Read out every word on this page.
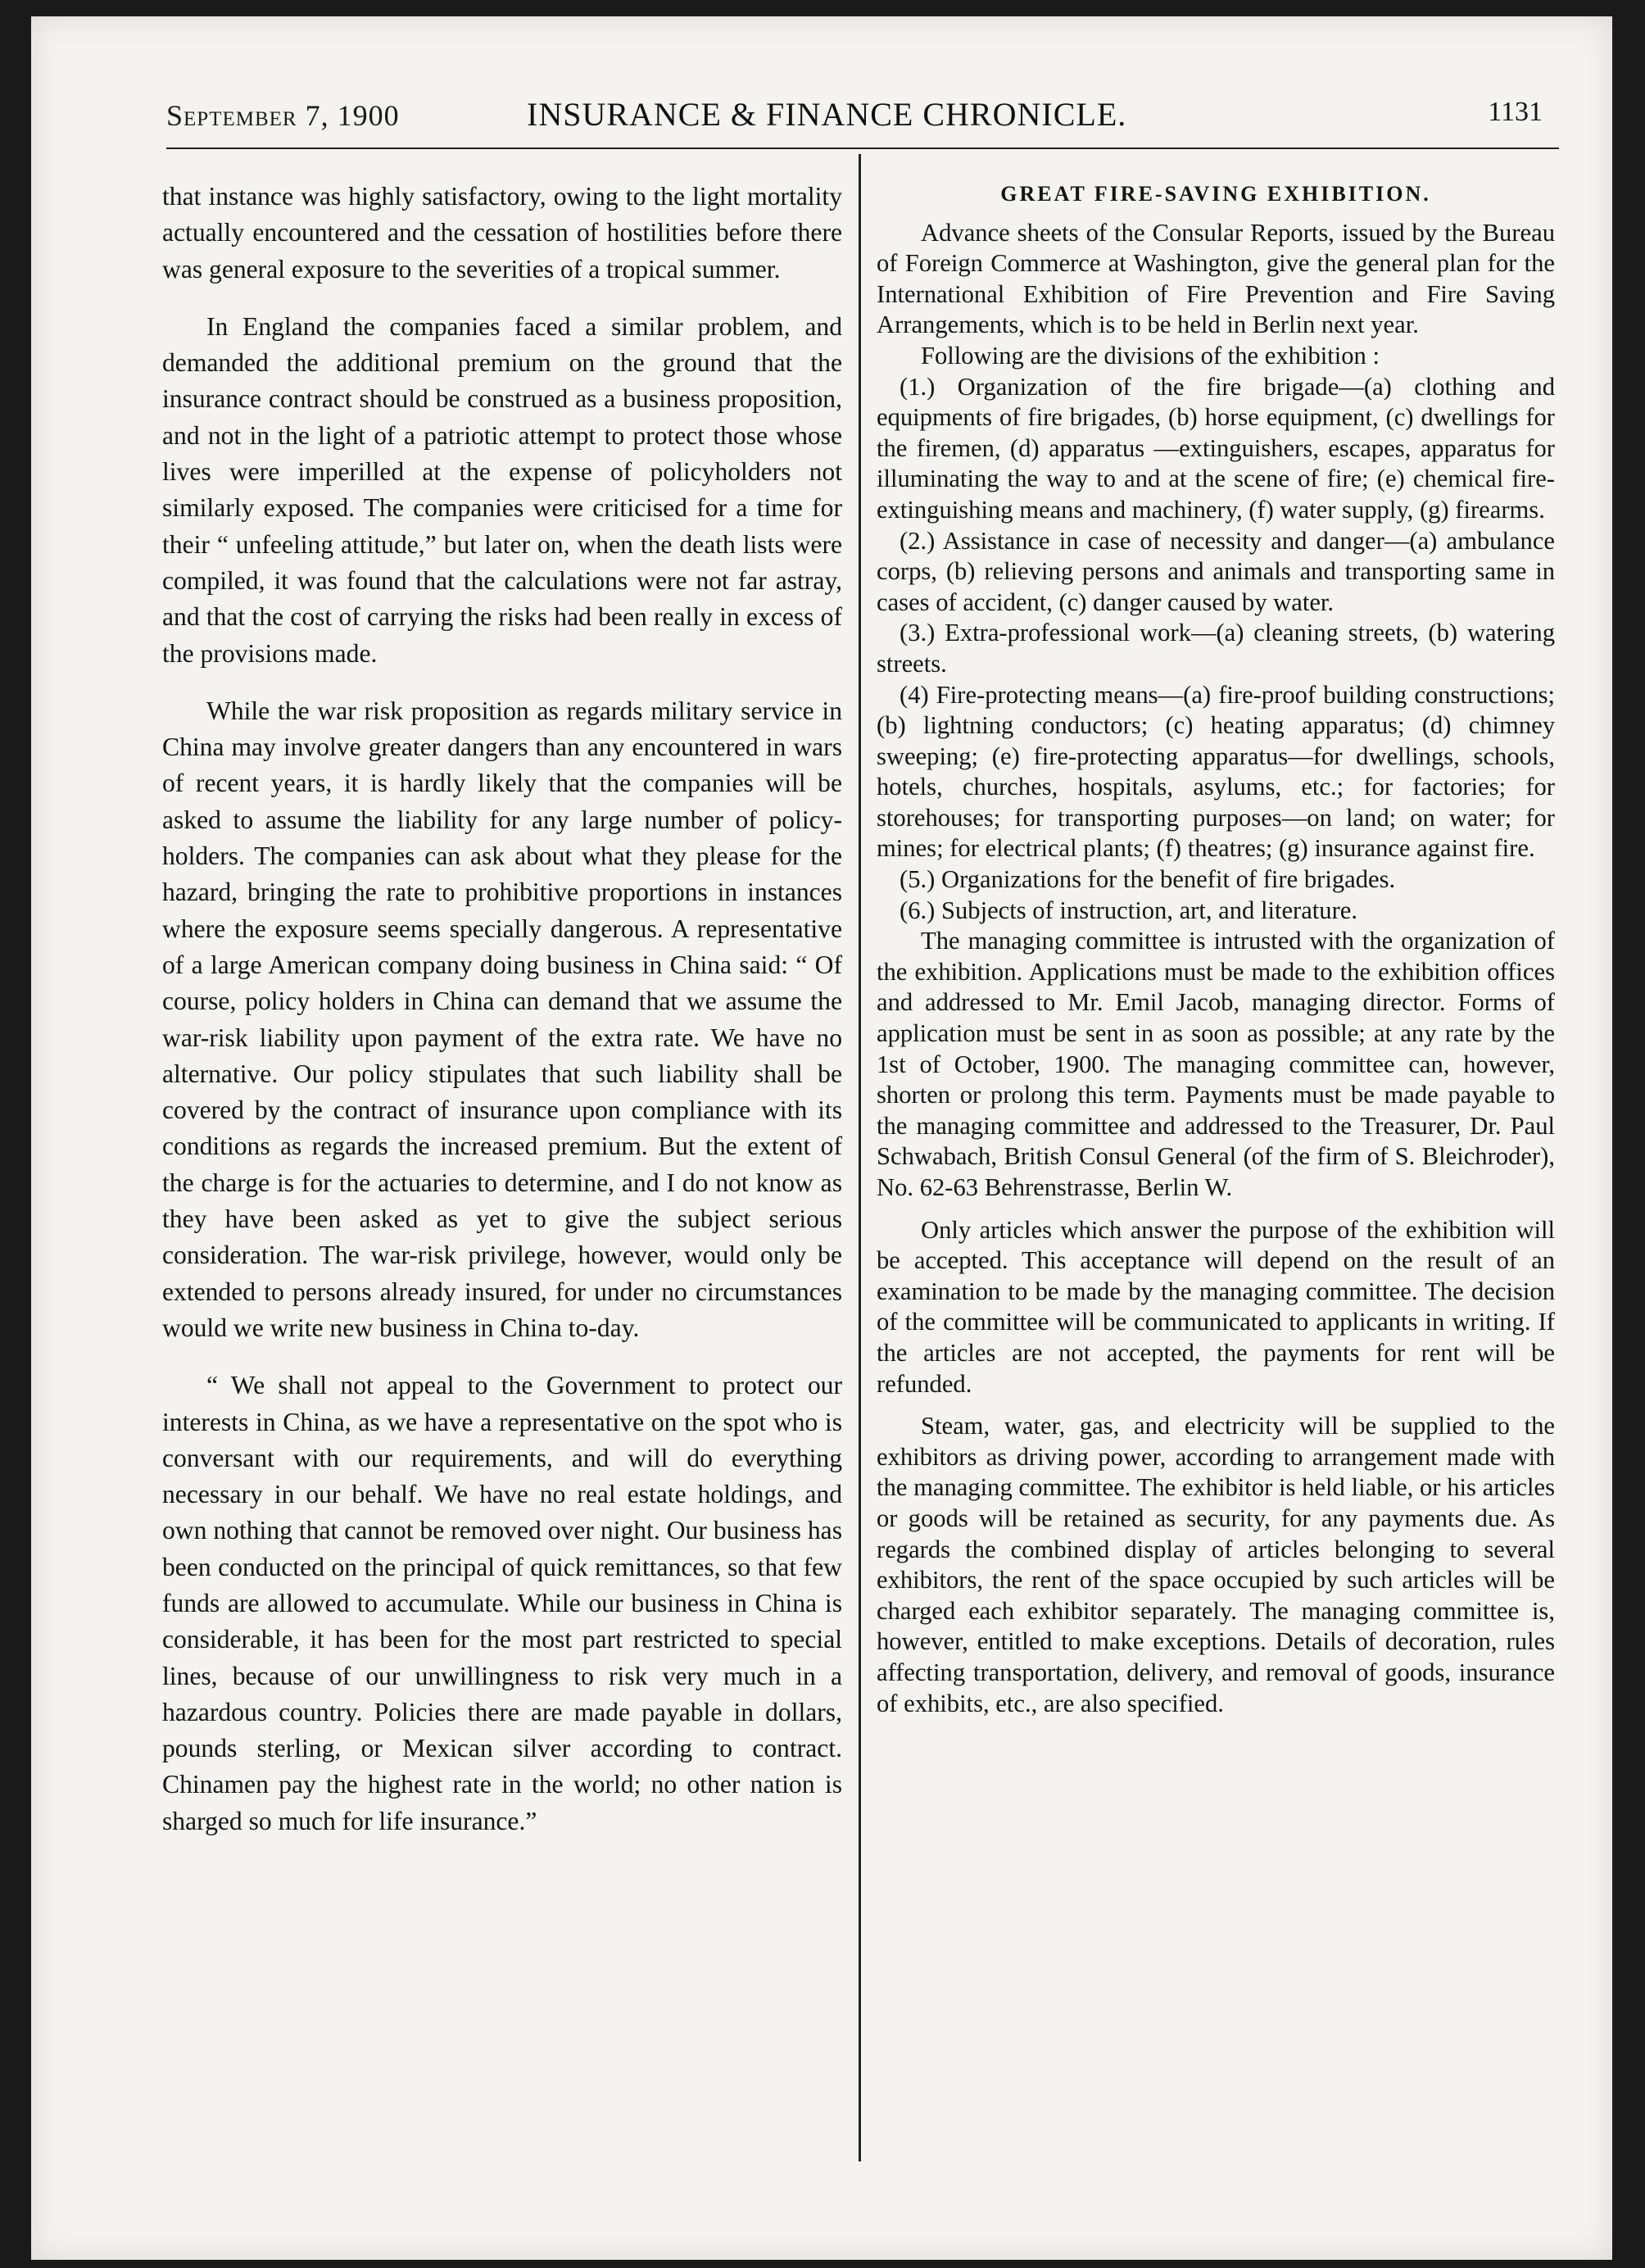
September 7, 1900	INSURANCE & FINANCE CHRONICLE.	1131

that instance was highly satisfactory, owing to the light mortality actually encountered and the cessation of hostilities before there was general exposure to the severities of a tropical summer.

In England the companies faced a similar problem, and demanded the additional premium on the ground that the insurance contract should be construed as a business proposition, and not in the light of a patriotic attempt to protect those whose lives were imperilled at the expense of policyholders not similarly exposed. The companies were criticised for a time for their “ unfeeling attitude,” but later on, when the death lists were compiled, it was found that the calculations were not far astray, and that the cost of carrying the risks had been really in excess of the provisions made.

While the war risk proposition as regards military service in China may involve greater dangers than any encountered in wars of recent years, it is hardly likely that the companies will be asked to assume the liability for any large number of policy-holders. The companies can ask about what they please for the hazard, bringing the rate to prohibitive proportions in instances where the exposure seems specially dangerous. A representative of a large American company doing business in China said: “ Of course, policy holders in China can demand that we assume the war-risk liability upon payment of the extra rate. We have no alternative. Our policy stipulates that such liability shall be covered by the contract of insurance upon compliance with its conditions as regards the increased premium. But the extent of the charge is for the actuaries to determine, and I do not know as they have been asked as yet to give the subject serious consideration. The war-risk privilege, however, would only be extended to persons already insured, for under no circumstances would we write new business in China to-day.

“ We shall not appeal to the Government to protect our interests in China, as we have a representative on the spot who is conversant with our requirements, and will do everything necessary in our behalf. We have no real estate holdings, and own nothing that cannot be removed over night. Our business has been conducted on the principal of quick remittances, so that few funds are allowed to accumulate. While our business in China is considerable, it has been for the most part restricted to special lines, because of our unwillingness to risk very much in a hazardous country. Policies there are made payable in dollars, pounds sterling, or Mexican silver according to contract. Chinamen pay the highest rate in the world; no other nation is sharged so much for life insurance.”

GREAT FIRE-SAVING EXHIBITION.

Advance sheets of the Consular Reports, issued by the Bureau of Foreign Commerce at Washington, give the general plan for the International Exhibition of Fire Prevention and Fire Saving Arrangements, which is to be held in Berlin next year.

Following are the divisions of the exhibition :

(1.) Organization of the fire brigade—(a) clothing and equipments of fire brigades, (b) horse equipment, (c) dwellings for the firemen, (d) apparatus —extinguishers, escapes, apparatus for illuminating the way to and at the scene of fire; (e) chemical fire-extinguishing means and machinery, (f) water supply, (g) firearms.

(2.) Assistance in case of necessity and danger—(a) ambulance corps, (b) relieving persons and animals and transporting same in cases of accident, (c) danger caused by water.

(3.) Extra-professional work—(a) cleaning streets, (b) watering streets.

(4) Fire-protecting means—(a) fire-proof building constructions; (b) lightning conductors; (c) heating apparatus; (d) chimney sweeping; (e) fire-protecting apparatus—for dwellings, schools, hotels, churches, hospitals, asylums, etc.; for factories; for storehouses; for transporting purposes—on land; on water; for mines; for electrical plants; (f) theatres; (g) insurance against fire.

(5.) Organizations for the benefit of fire brigades.

(6.) Subjects of instruction, art, and literature.

The managing committee is intrusted with the organization of the exhibition. Applications must be made to the exhibition offices and addressed to Mr. Emil Jacob, managing director. Forms of application must be sent in as soon as possible; at any rate by the 1st of October, 1900. The managing committee can, however, shorten or prolong this term. Payments must be made payable to the managing committee and addressed to the Treasurer, Dr. Paul Schwabach, British Consul General (of the firm of S. Bleichroder), No. 62-63 Behrenstrasse, Berlin W.

Only articles which answer the purpose of the exhibition will be accepted. This acceptance will depend on the result of an examination to be made by the managing committee. The decision of the committee will be communicated to applicants in writing. If the articles are not accepted, the payments for rent will be refunded.

Steam, water, gas, and electricity will be supplied to the exhibitors as driving power, according to arrangement made with the managing committee. The exhibitor is held liable, or his articles or goods will be retained as security, for any payments due. As regards the combined display of articles belonging to several exhibitors, the rent of the space occupied by such articles will be charged each exhibitor separately. The managing committee is, however, entitled to make exceptions. Details of decoration, rules affecting transportation, delivery, and removal of goods, insurance of exhibits, etc., are also specified.
